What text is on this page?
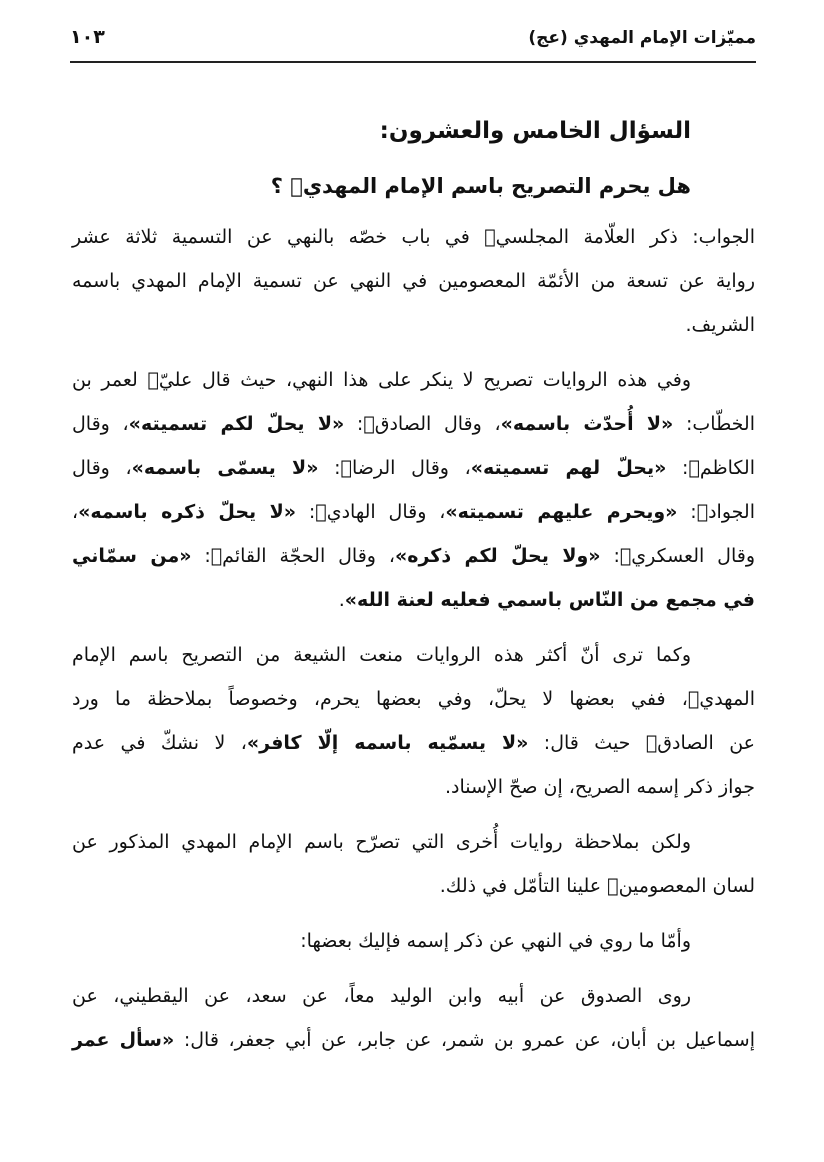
مميّزات الإمام المهدي (عج)
١٠٣
السؤال الخامس والعشرون:
هل يحرم التصريح باسم الإمام المهديؑ ؟
الجواب: ذكر العلّامة المجلسيؒ في باب خصّه بالنهي عن التسمية ثلاثة عشر
رواية عن تسعة من الأئمّة المعصومين في النهي عن تسمية الإمام المهدي باسمه
الشريف.
وفي هذه الروايات تصريح لا ينكر على هذا النهي، حيث قال عليّؑ لعمر بن
الخطّاب: «لا أُحدّث باسمه»، وقال الصادقؑ: «لا يحلّ لكم تسميته»، وقال
الكاظمؑ: «يحلّ لهم تسميته»، وقال الرضاؑ: «لا يسمّى باسمه»، وقال
الجوادؑ: «ويحرم عليهم تسميته»، وقال الهاديؑ: «لا يحلّ ذكره باسمه»،
وقال العسكريؑ: «ولا يحلّ لكم ذكره»، وقال الحجّة القائمؑ: «من سمّاني
في مجمع من النّاس باسمي فعليه لعنة الله».
وكما ترى أنّ أكثر هذه الروايات منعت الشيعة من التصريح باسم الإمام
المهديؑ، ففي بعضها لا يحلّ، وفي بعضها يحرم، وخصوصاً بملاحظة ما ورد
عن الصادقؑ حيث قال: «لا يسمّيه باسمه إلّا كافر»، لا نشكّ في عدم
جواز ذكر إسمه الصريح، إن صحّ الإسناد.
ولكن بملاحظة روايات أُخرى التي تصرّح باسم الإمام المهدي المذكور عن
لسان المعصومينؑ علينا التأمّل في ذلك.
وأمّا ما روي في النهي عن ذكر إسمه فإليك بعضها:
روى الصدوق عن أبيه وابن الوليد معاً، عن سعد، عن اليقطيني، عن
إسماعيل بن أبان، عن عمرو بن شمر، عن جابر، عن أبي جعفر، قال: «سأل عمر
